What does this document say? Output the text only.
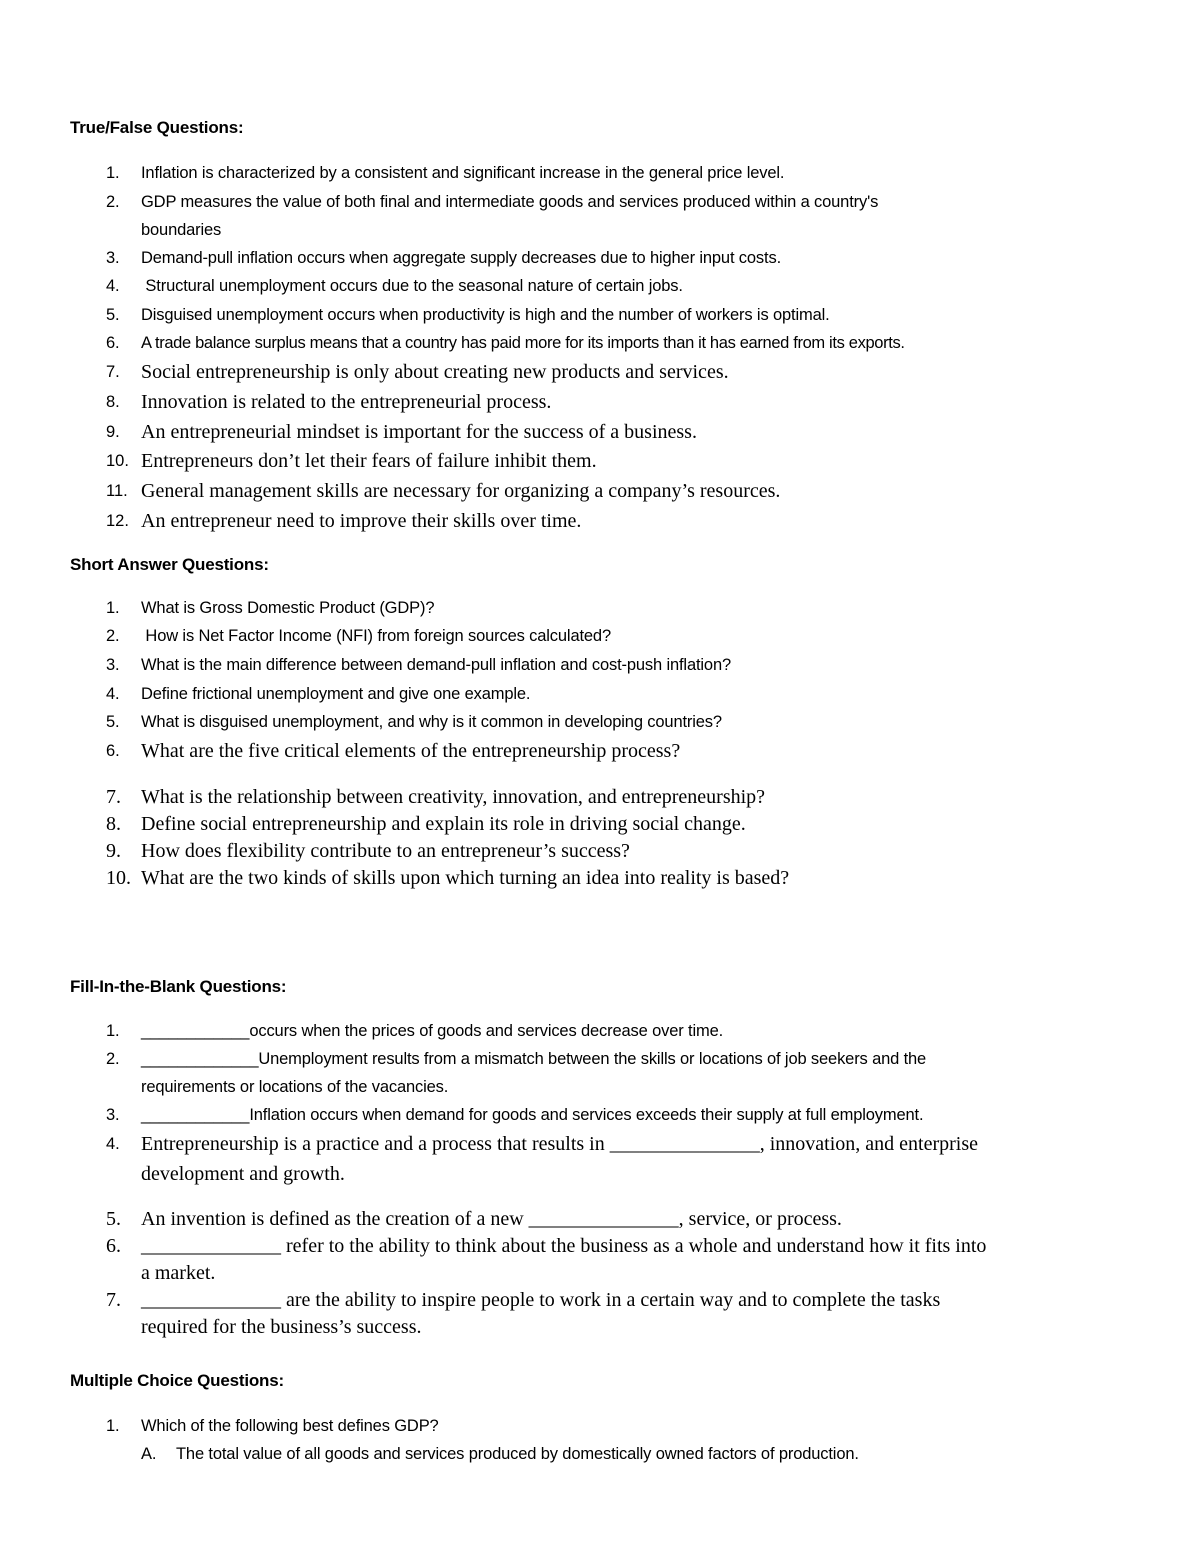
True/False Questions:
1. Inflation is characterized by a consistent and significant increase in the general price level.
2. GDP measures the value of both final and intermediate goods and services produced within a country's
boundaries
3. Demand-pull inflation occurs when aggregate supply decreases due to higher input costs.
4. Structural unemployment occurs due to the seasonal nature of certain jobs.
5. Disguised unemployment occurs when productivity is high and the number of workers is optimal.
6. A trade balance surplus means that a country has paid more for its imports than it has earned from its exports.
7. Social entrepreneurship is only about creating new products and services.
8. Innovation is related to the entrepreneurial process.
9. An entrepreneurial mindset is important for the success of a business.
10. Entrepreneurs don’t let their fears of failure inhibit them.
11. General management skills are necessary for organizing a company’s resources.
12. An entrepreneur need to improve their skills over time.
Short Answer Questions:
1. What is Gross Domestic Product (GDP)?
2. How is Net Factor Income (NFI) from foreign sources calculated?
3. What is the main difference between demand-pull inflation and cost-push inflation?
4. Define frictional unemployment and give one example.
5. What is disguised unemployment, and why is it common in developing countries?
6. What are the five critical elements of the entrepreneurship process?
7. What is the relationship between creativity, innovation, and entrepreneurship?
8. Define social entrepreneurship and explain its role in driving social change.
9. How does flexibility contribute to an entrepreneur’s success?
10. What are the two kinds of skills upon which turning an idea into reality is based?
Fill-In-the-Blank Questions:
1. ____________occurs when the prices of goods and services decrease over time.
2. _____________Unemployment results from a mismatch between the skills or locations of job seekers and the
requirements or locations of the vacancies.
3. ____________Inflation occurs when demand for goods and services exceeds their supply at full employment.
4. Entrepreneurship is a practice and a process that results in _______________, innovation, and enterprise
development and growth.
5. An invention is defined as the creation of a new _______________, service, or process.
6. ______________ refer to the ability to think about the business as a whole and understand how it fits into
a market.
7. ______________ are the ability to inspire people to work in a certain way and to complete the tasks
required for the business’s success.
Multiple Choice Questions:
1. Which of the following best defines GDP?
A. The total value of all goods and services produced by domestically owned factors of production.
